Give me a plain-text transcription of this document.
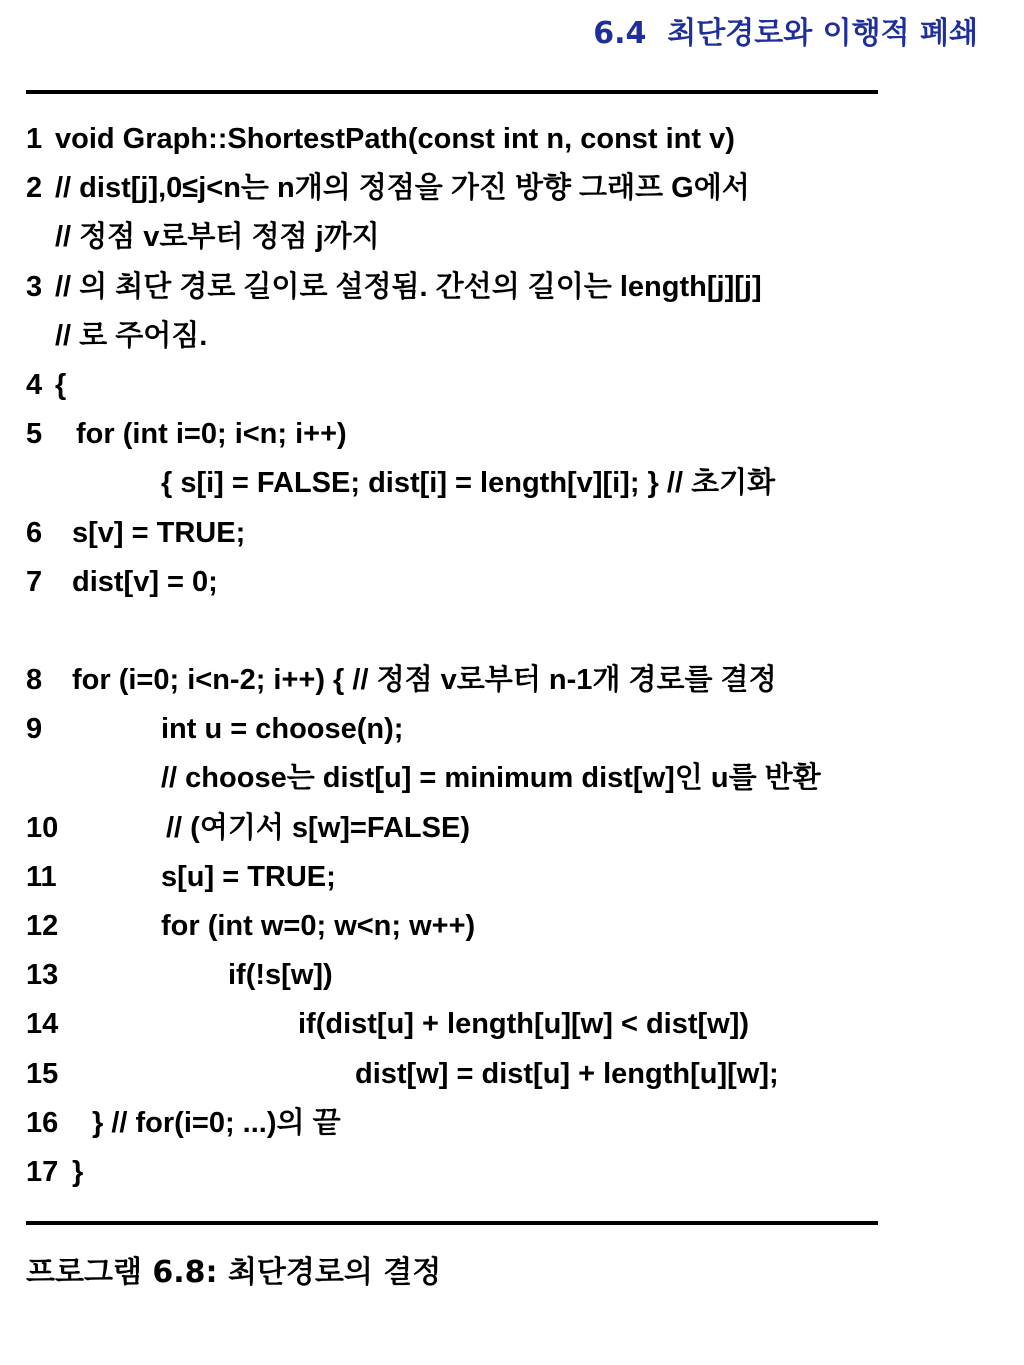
6.4  최단경로와 이행적 폐쇄

1

void Graph::ShortestPath(const int n, const int v)

2

// dist[j],0≤j<n는 n개의 정점을 가진 방향 그래프 G에서

// 정점 v로부터 정점 j까지

3

// 의 최단 경로 길이로 설정됨. 간선의 길이는 length[j][j]

// 로 주어짐.

4

{

5

for (int i=0; i<n; i++)

{ s[i] = FALSE; dist[i] = length[v][i]; } // 초기화

6

s[v] = TRUE;

7

dist[v] = 0;

8

for (i=0; i<n-2; i++) { // 정점 v로부터 n-1개 경로를 결정

9

	int u = choose(n);

// choose는 dist[u] = minimum dist[w]인 u를 반환

10

	// (여기서 s[w]=FALSE)

11

	s[u] = TRUE;

12

	for (int w=0; w<n; w++)

13

	if(!s[w])

14

	if(dist[u] + length[u][w] < dist[w])

15

	dist[w] = dist[u] + length[u][w];

16

} // for(i=0; ...)의 끝

17

}

프로그램 6.8: 최단경로의 결정
